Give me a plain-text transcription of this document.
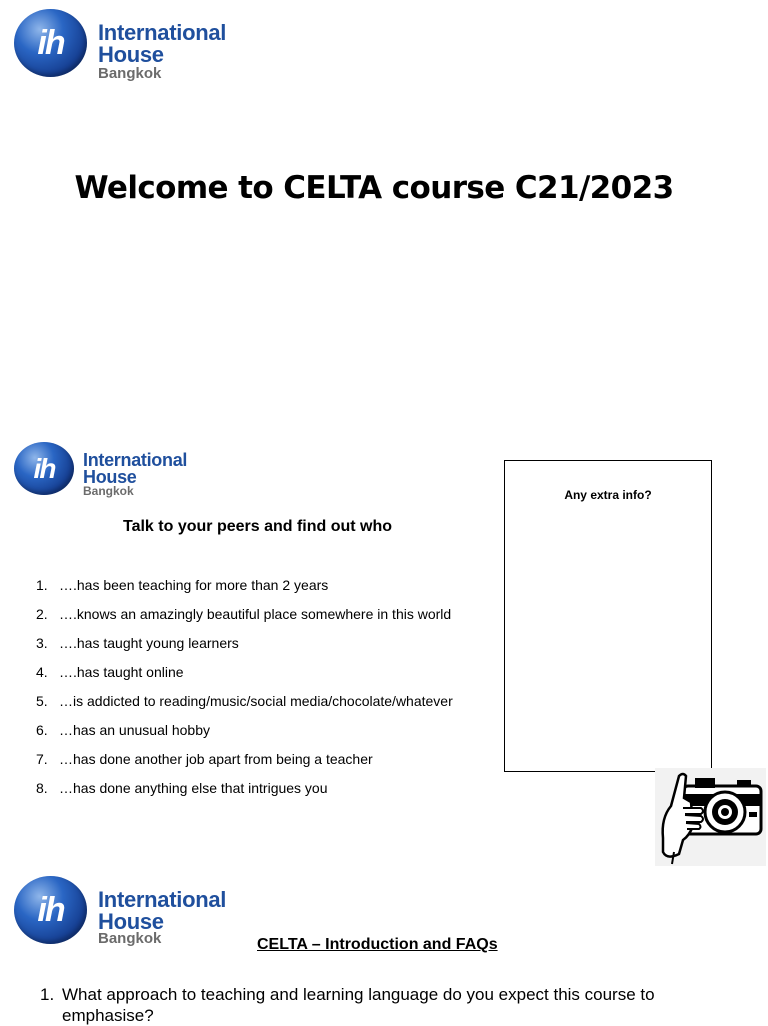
ih	International
House
Bangkok
Welcome to CELTA course C21/2023
ih	International
House
Bangkok
Talk to your peers and find out who
1. ….has been teaching for more than 2 years
2. ….knows an amazingly beautiful place somewhere in this world
3. ….has taught young learners
4. ….has taught online
5. …is addicted to reading/music/social media/chocolate/whatever
6. …has an unusual hobby
7. …has done another job apart from being a teacher
8. …has done anything else that intrigues you
Any extra info?
ih	International
House
Bangkok	CELTA – Introduction and FAQs
1. What approach to teaching and learning language do you expect this course to emphasise?
